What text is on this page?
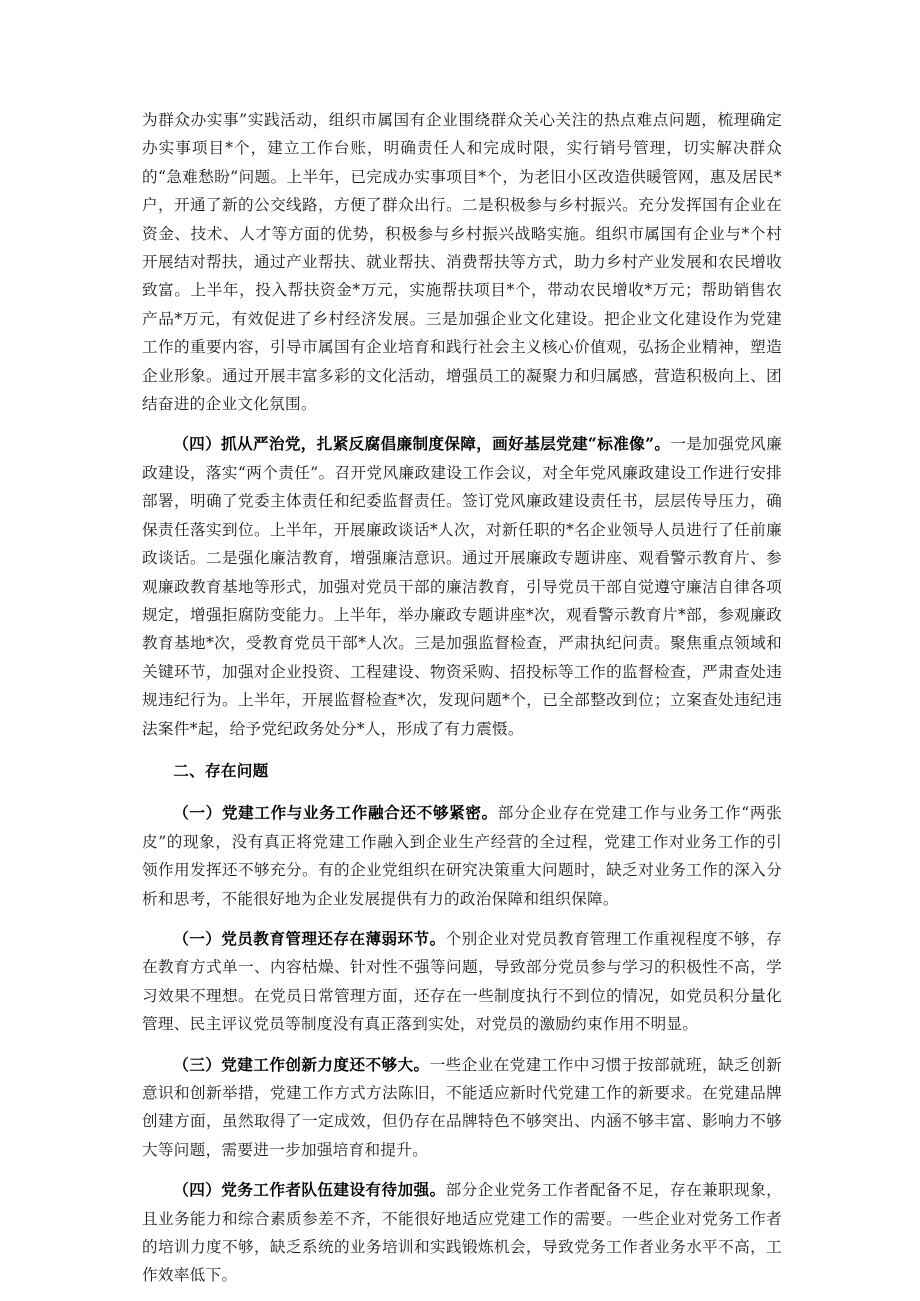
为群众办实事”实践活动，组织市属国有企业围绕群众关心关注的热点难点问题，梳理确定办实事项目*个，建立工作台账，明确责任人和完成时限，实行销号管理，切实解决群众的“急难愁盼”问题。上半年，已完成办实事项目*个，为老旧小区改造供暖管网，惠及居民*户，开通了新的公交线路，方便了群众出行。二是积极参与乡村振兴。充分发挥国有企业在资金、技术、人才等方面的优势，积极参与乡村振兴战略实施。组织市属国有企业与*个村开展结对帮扶，通过产业帮扶、就业帮扶、消费帮扶等方式，助力乡村产业发展和农民增收致富。上半年，投入帮扶资金*万元，实施帮扶项目*个，带动农民增收*万元；帮助销售农产品*万元，有效促进了乡村经济发展。三是加强企业文化建设。把企业文化建设作为党建工作的重要内容，引导市属国有企业培育和践行社会主义核心价值观，弘扬企业精神，塑造企业形象。通过开展丰富多彩的文化活动，增强员工的凝聚力和归属感，营造积极向上、团结奋进的企业文化氛围。

（四）抓从严治党，扎紧反腐倡廉制度保障，画好基层党建“标准像”。一是加强党风廉政建设，落实“两个责任”。召开党风廉政建设工作会议，对全年党风廉政建设工作进行安排部署，明确了党委主体责任和纪委监督责任。签订党风廉政建设责任书，层层传导压力，确保责任落实到位。上半年，开展廉政谈话*人次，对新任职的*名企业领导人员进行了任前廉政谈话。二是强化廉洁教育，增强廉洁意识。通过开展廉政专题讲座、观看警示教育片、参观廉政教育基地等形式，加强对党员干部的廉洁教育，引导党员干部自觉遵守廉洁自律各项规定，增强拒腐防变能力。上半年，举办廉政专题讲座*次，观看警示教育片*部，参观廉政教育基地*次，受教育党员干部*人次。三是加强监督检查，严肃执纪问责。聚焦重点领域和关键环节，加强对企业投资、工程建设、物资采购、招投标等工作的监督检查，严肃查处违规违纪行为。上半年，开展监督检查*次，发现问题*个，已全部整改到位；立案查处违纪违法案件*起，给予党纪政务处分*人，形成了有力震慑。

二、存在问题

（一）党建工作与业务工作融合还不够紧密。部分企业存在党建工作与业务工作“两张皮”的现象，没有真正将党建工作融入到企业生产经营的全过程，党建工作对业务工作的引领作用发挥还不够充分。有的企业党组织在研究决策重大问题时，缺乏对业务工作的深入分析和思考，不能很好地为企业发展提供有力的政治保障和组织保障。

（一）党员教育管理还存在薄弱环节。个别企业对党员教育管理工作重视程度不够，存在教育方式单一、内容枯燥、针对性不强等问题，导致部分党员参与学习的积极性不高，学习效果不理想。在党员日常管理方面，还存在一些制度执行不到位的情况，如党员积分量化管理、民主评议党员等制度没有真正落到实处，对党员的激励约束作用不明显。

（三）党建工作创新力度还不够大。一些企业在党建工作中习惯于按部就班，缺乏创新意识和创新举措，党建工作方式方法陈旧，不能适应新时代党建工作的新要求。在党建品牌创建方面，虽然取得了一定成效，但仍存在品牌特色不够突出、内涵不够丰富、影响力不够大等问题，需要进一步加强培育和提升。

（四）党务工作者队伍建设有待加强。部分企业党务工作者配备不足，存在兼职现象，且业务能力和综合素质参差不齐，不能很好地适应党建工作的需要。一些企业对党务工作者的培训力度不够，缺乏系统的业务培训和实践锻炼机会，导致党务工作者业务水平不高，工作效率低下。
